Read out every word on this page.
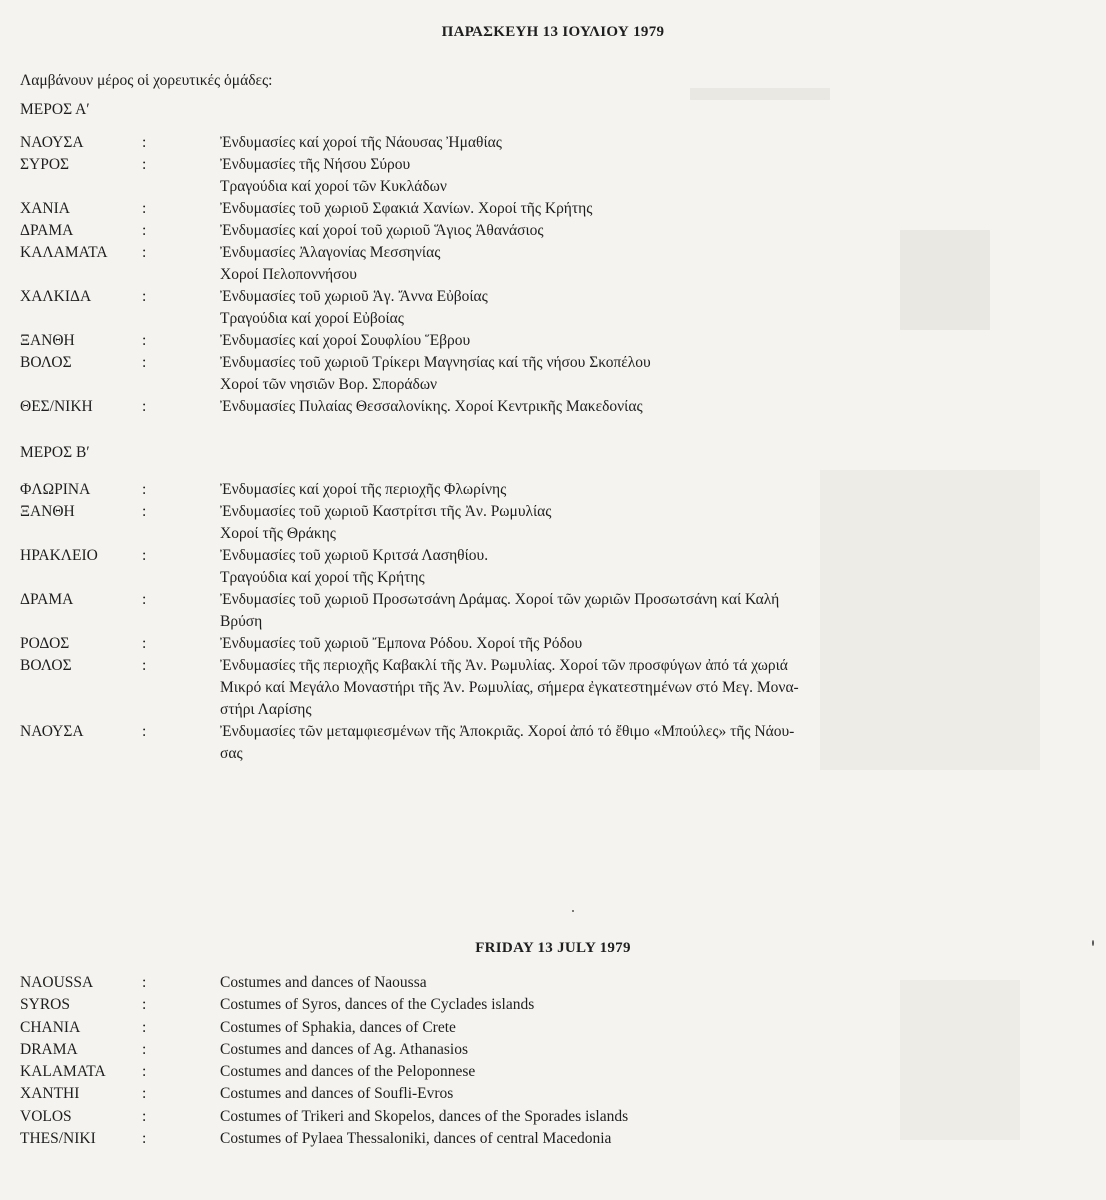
ΠΑΡΑΣΚΕΥΗ 13 ΙΟΥΛΙΟΥ 1979
Λαμβάνουν μέρος οἱ χορευτικές ὁμάδες:
ΜΕΡΟΣ Α′
ΝΑΟΥΣΑ	:	Ἐνδυμασίες καί χοροί τῆς Νάουσας Ἠμαθίας
ΣΥΡΟΣ	:	Ἐνδυμασίες τῆς Νήσου Σύρου
Τραγούδια καί χοροί τῶν Κυκλάδων
ΧΑΝΙΑ	:	Ἐνδυμασίες τοῦ χωριοῦ Σφακιά Χανίων. Χοροί τῆς Κρήτης
ΔΡΑΜΑ	:	Ἐνδυμασίες καί χοροί τοῦ χωριοῦ Ἅγιος Ἀθανάσιος
ΚΑΛΑΜΑΤΑ :	Ἐνδυμασίες Ἀλαγονίας Μεσσηνίας
Χοροί Πελοποννήσου
ΧΑΛΚΙΔΑ	:	Ἐνδυμασίες τοῦ χωριοῦ Ἁγ. Ἄννα Εὐβοίας
Τραγούδια καί χοροί Εὐβοίας
ΞΑΝΘΗ	:	Ἐνδυμασίες καί χοροί Σουφλίου Ἕβρου
ΒΟΛΟΣ	:	Ἐνδυμασίες τοῦ χωριοῦ Τρίκερι Μαγνησίας καί τῆς νήσου Σκοπέλου
Χοροί τῶν νησιῶν Βορ. Σποράδων
ΘΕΣ/ΝΙΚΗ	:	Ἐνδυμασίες Πυλαίας Θεσσαλονίκης. Χοροί Κεντρικῆς Μακεδονίας
ΜΕΡΟΣ Β′
ΦΛΩΡΙΝΑ	:	Ἐνδυμασίες καί χοροί τῆς περιοχῆς Φλωρίνης
ΞΑΝΘΗ	:	Ἐνδυμασίες τοῦ χωριοῦ Καστρίτσι τῆς Ἀν. Ρωμυλίας
Χοροί τῆς Θράκης
ΗΡΑΚΛΕΙΟ	:	Ἐνδυμασίες τοῦ χωριοῦ Κριτσά Λασηθίου.
Τραγούδια καί χοροί τῆς Κρήτης
ΔΡΑΜΑ	:	Ἐνδυμασίες τοῦ χωριοῦ Προσωτσάνη Δράμας. Χοροί τῶν χωριῶν Προσωτσάνη καί Καλή
Βρύση
ΡΟΔΟΣ	:	Ἐνδυμασίες τοῦ χωριοῦ Ἔμπονα Ρόδου. Χοροί τῆς Ρόδου
ΒΟΛΟΣ	:	Ἐνδυμασίες τῆς περιοχῆς Καβακλί τῆς Ἀν. Ρωμυλίας. Χοροί τῶν προσφύγων ἀπό τά χωριά
Μικρό καί Μεγάλο Μοναστήρι τῆς Ἀν. Ρωμυλίας, σήμερα ἐγκατεστημένων στό Μεγ. Μονα-
στήρι Λαρίσης
ΝΑΟΥΣΑ	:	Ἐνδυμασίες τῶν μεταμφιεσμένων τῆς Ἀποκριᾶς. Χοροί ἀπό τό ἔθιμο «Μπούλες» τῆς Νάου-
σας
FRIDAY 13 JULY 1979
NAOUSSA	:	Costumes and dances of Naoussa
SYROS	:	Costumes of Syros, dances of the Cyclades islands
CHANIA	:	Costumes of Sphakia, dances of Crete
DRAMA	:	Costumes and dances of Ag. Athanasios
KALAMATA :	Costumes and dances of the Peloponnese
XANTHI	:	Costumes and dances of Soufli-Evros
VOLOS	:	Costumes of Trikeri and Skopelos, dances of the Sporades islands
THES/NIKI	:	Costumes of Pylaea Thessaloniki, dances of central Macedonia
